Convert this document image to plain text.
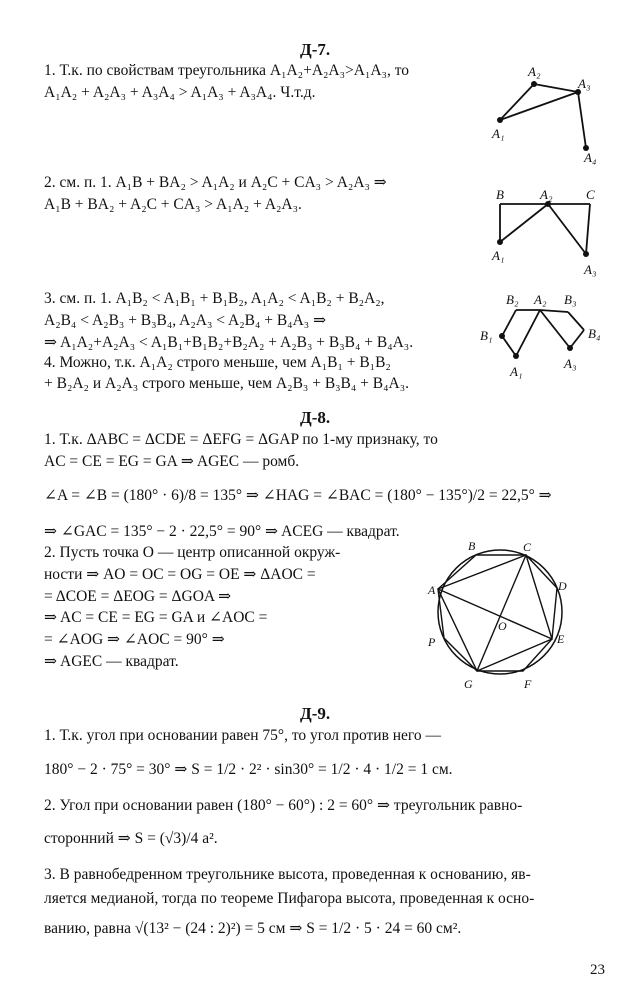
Д-7.
1. Т.к. по свойствам треугольника A₁A₂+A₂A₃>A₁A₃, то
A₁A₂ + A₂A₃ + A₃A₄ > A₁A₃ + A₃A₄. Ч.т.д.
2. см. п. 1. A₁B + BA₂ > A₁A₂ и A₂C + CA₃ > A₂A₃ ⇒
A₁B + BA₂ + A₂C + CA₃ > A₁A₂ + A₂A₃.
3. см. п. 1. A₁B₂ < A₁B₁ + B₁B₂, A₁A₂ < A₁B₂ + B₂A₂,
A₂B₄ < A₂B₃ + B₃B₄, A₂A₃ < A₂B₄ + B₄A₃ ⇒
⇒ A₁A₂+A₂A₃ < A₁B₁+B₁B₂+B₂A₂ + A₂B₃ + B₃B₄ + B₄A₃.
4. Можно, т.к. A₁A₂ строго меньше, чем A₁B₁ + B₁B₂
+ B₂A₂ и A₂A₃ строго меньше, чем A₂B₃ + B₃B₄ + B₄A₃.
Д-8.
1. Т.к. ΔABC = ΔCDE = ΔEFG = ΔGAP по 1-му признаку, то
AC = CE = EG = GA ⇒ AGEC — ромб.
∠A = ∠B = (180° · 6)/8 = 135° ⇒ ∠HAG = ∠BAC = (180° − 135°)/2 = 22,5° ⇒
⇒ ∠GAC = 135° − 2 · 22,5° = 90° ⇒ ACEG — квадрат.
2. Пусть точка O — центр описанной окруж-
ности ⇒ AO = OC = OG = OE ⇒ ΔAOC =
= ΔCOE = ΔEOG = ΔGOA ⇒
⇒ AC = CE = EG = GA и ∠AOC =
= ∠AOG ⇒ ∠AOC = 90° ⇒
⇒ AGEC — квадрат.
Д-9.
1. Т.к. угол при основании равен 75°, то угол против него —
180° − 2 · 75° = 30° ⇒ S = 1/2 · 2² · sin30° = 1/2 · 4 · 1/2 = 1 см.
2. Угол при основании равен (180° − 60°) : 2 = 60° ⇒ треугольник равно-
сторонний ⇒ S = (√3)/4 a².
3. В равнобедренном треугольнике высота, проведенная к основанию, яв-
ляется медианой, тогда по теореме Пифагора высота, проведенная к осно-
ванию, равна √(13² − (24 : 2)²) = 5 см ⇒ S = 1/2 · 5 · 24 = 60 см².
A₂
A₃
A₁
A₄
B	A₂	C
A₁
A₃
B₂ A₂ B₃
B₁	B₄
A₁
A₃
B	C
D
A
O
E
P
G	F
23
